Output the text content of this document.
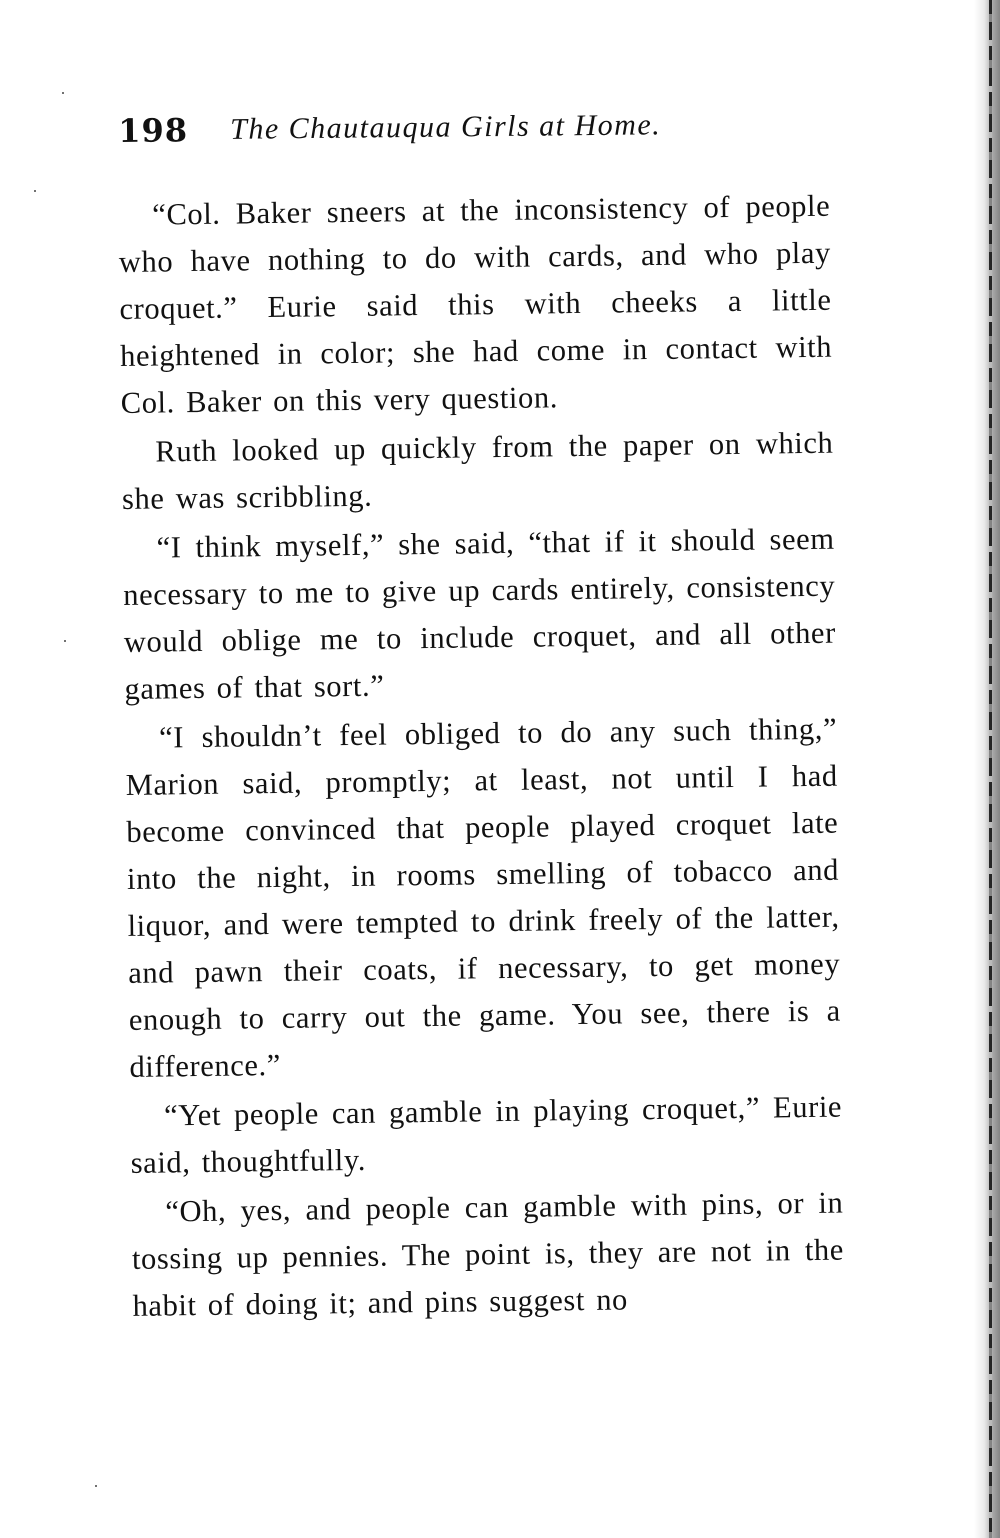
198 The Chautauqua Girls at Home.

“Col. Baker sneers at the inconsistency of people who have nothing to do with cards, and who play croquet.” Eurie said this with cheeks a little heightened in color; she had come in contact with Col. Baker on this very question.

Ruth looked up quickly from the paper on which she was scribbling.

“I think myself,” she said, “that if it should seem necessary to me to give up cards entirely, consistency would oblige me to include croquet, and all other games of that sort.”

“I shouldn’t feel obliged to do any such thing,” Marion said, promptly; at least, not until I had become convinced that people played croquet late into the night, in rooms smelling of tobacco and liquor, and were tempted to drink freely of the latter, and pawn their coats, if necessary, to get money enough to carry out the game. You see, there is a difference.”

“Yet people can gamble in playing croquet,” Eurie said, thoughtfully.

“Oh, yes, and people can gamble with pins, or in tossing up pennies. The point is, they are not in the habit of doing it; and pins suggest no
